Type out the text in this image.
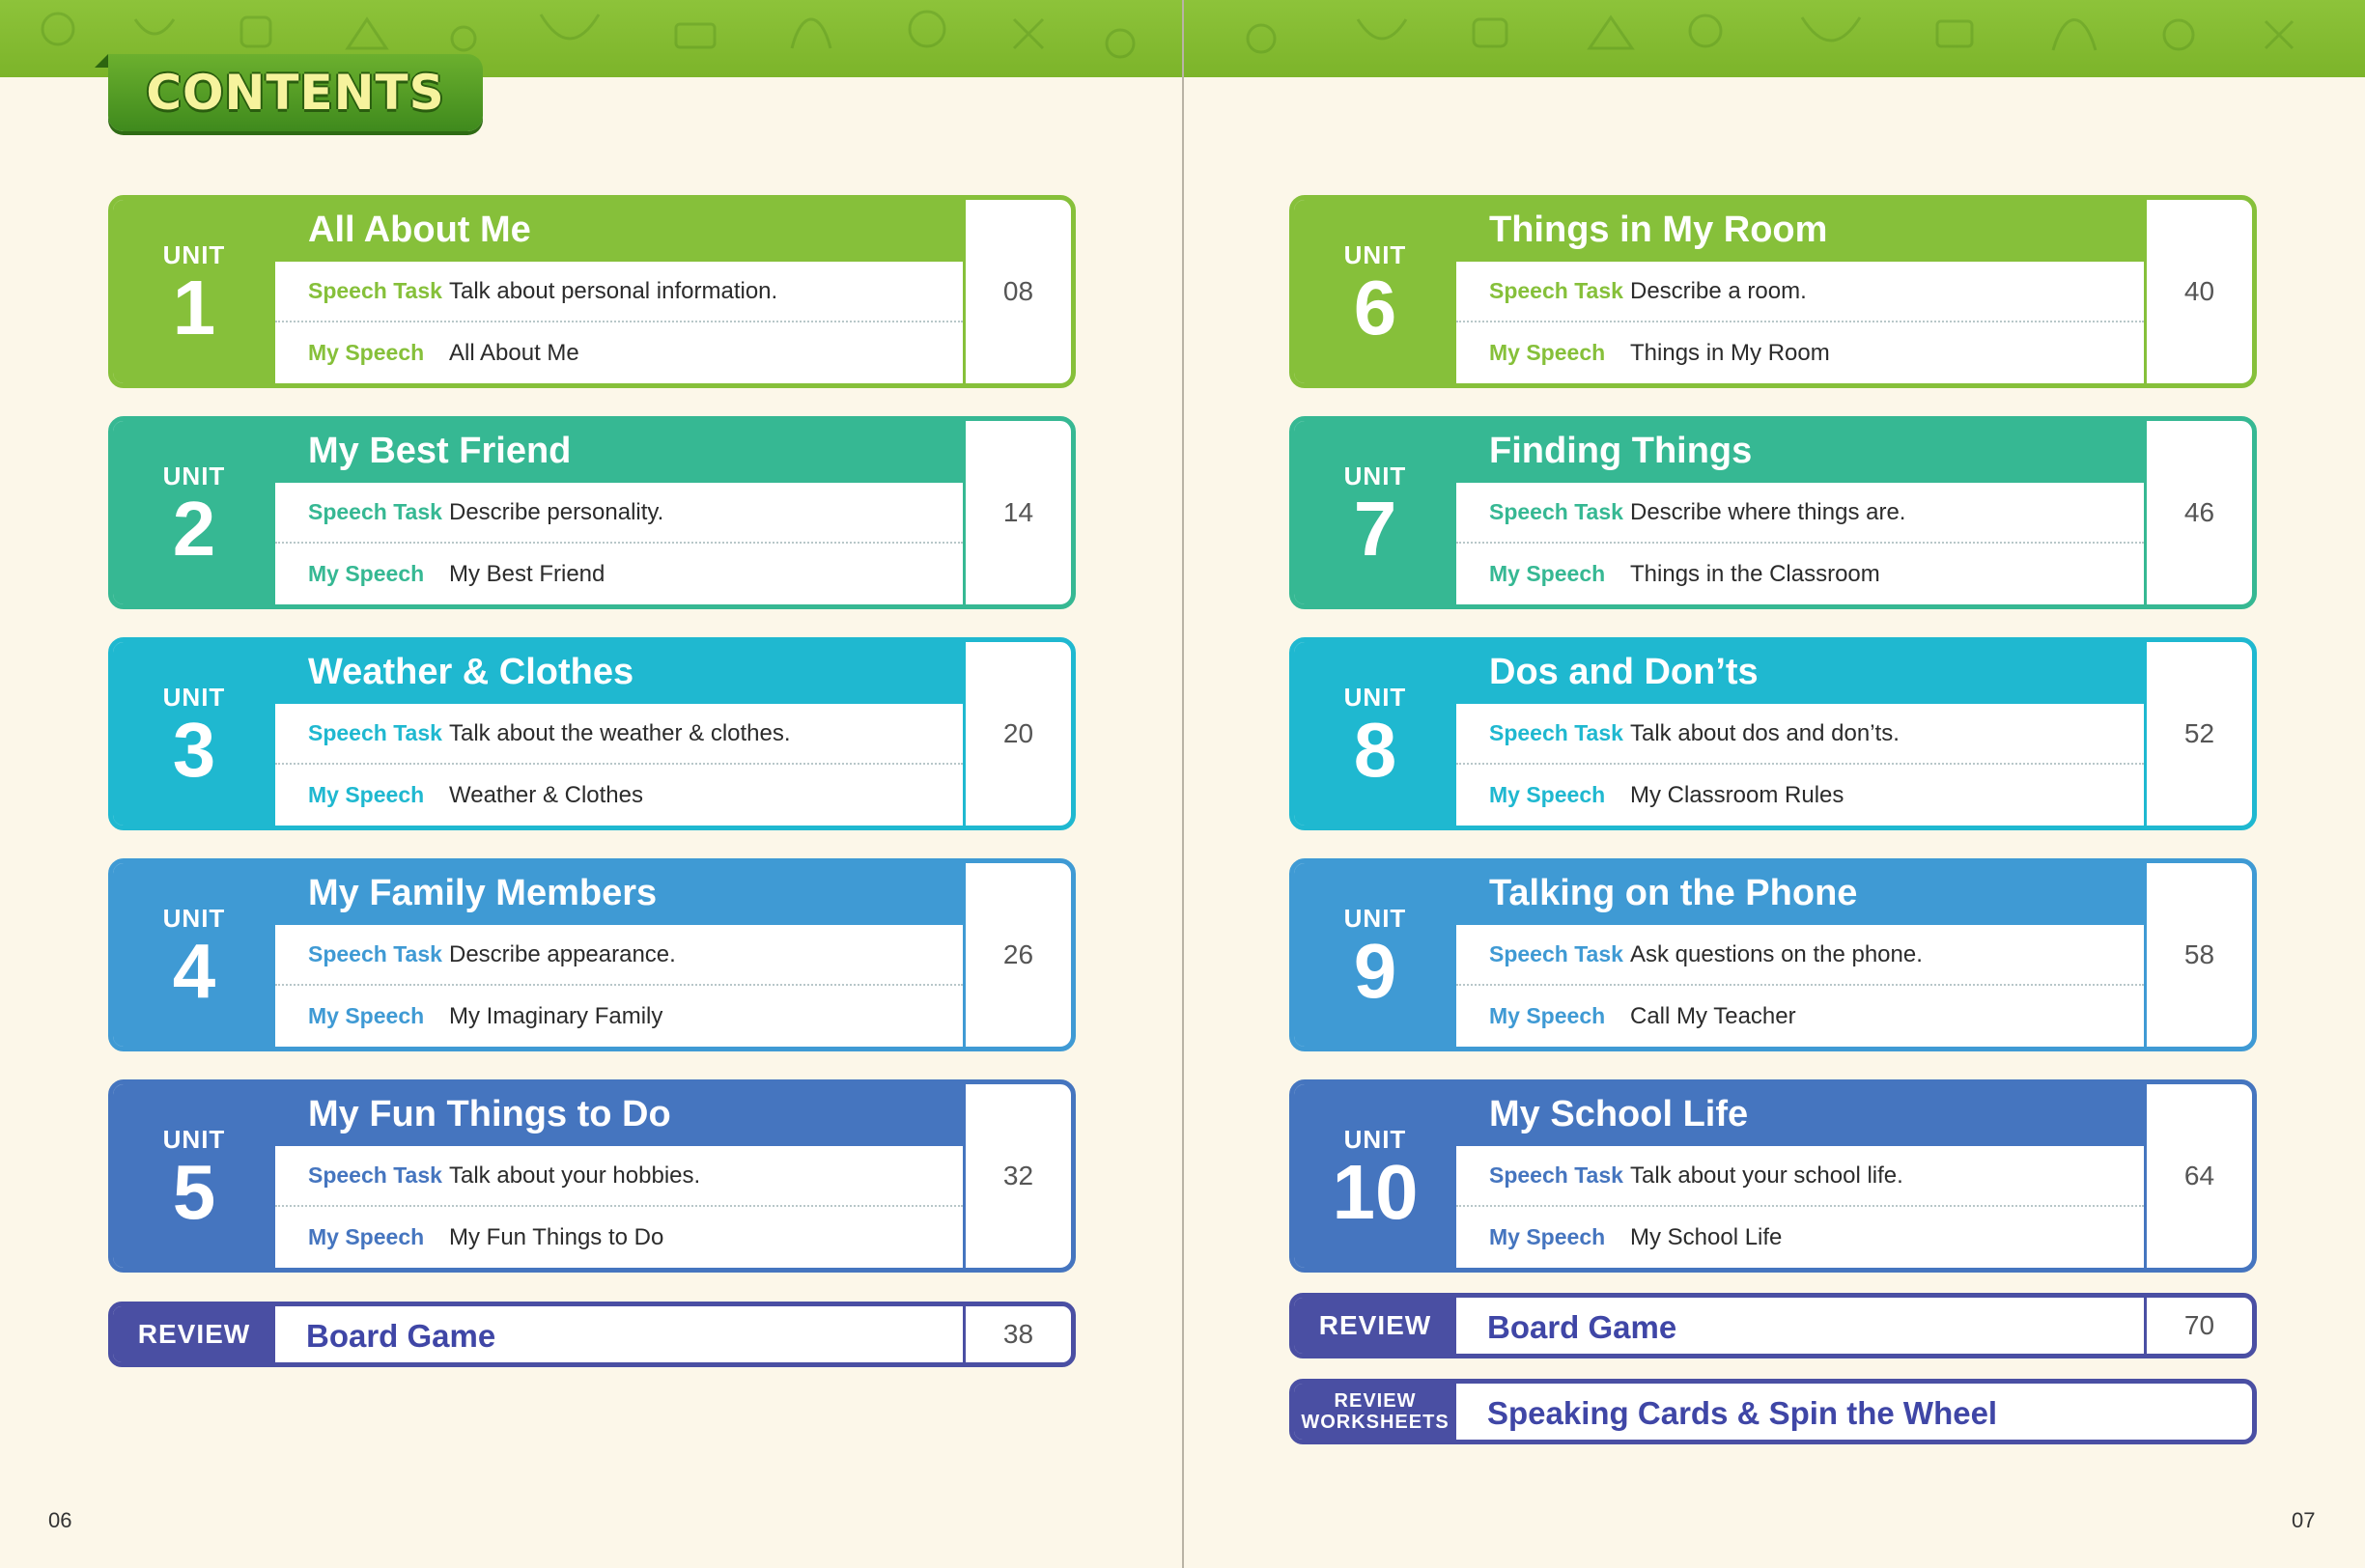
CONTENTS
UNIT
1
All About Me
Speech Task Talk about personal information.
My Speech	All About Me
08
UNIT
2
My Best Friend
Speech Task Describe personality.
My Speech	My Best Friend
14
UNIT
3
Weather & Clothes
Speech Task Talk about the weather & clothes.
My Speech	Weather & Clothes
20
UNIT
4
My Family Members
Speech Task Describe appearance.
My Speech	My Imaginary Family
26
UNIT
5
My Fun Things to Do
Speech Task Talk about your hobbies.
My Speech	My Fun Things to Do
32
REVIEW	Board Game	38
06
UNIT
6
Things in My Room
Speech Task Describe a room.
My Speech	Things in My Room
40
UNIT
7
Finding Things
Speech Task Describe where things are.
My Speech	Things in the Classroom
46
UNIT
8
Dos and Don’ts
Speech Task Talk about dos and don’ts.
My Speech	My Classroom Rules
52
UNIT
9
Talking on the Phone
Speech Task Ask questions on the phone.
My Speech	Call My Teacher
58
UNIT
10
My School Life
Speech Task Talk about your school life.
My Speech	My School Life
64
REVIEW	Board Game	70
REVIEW
WORKSHEETS Speaking Cards & Spin the Wheel
07
